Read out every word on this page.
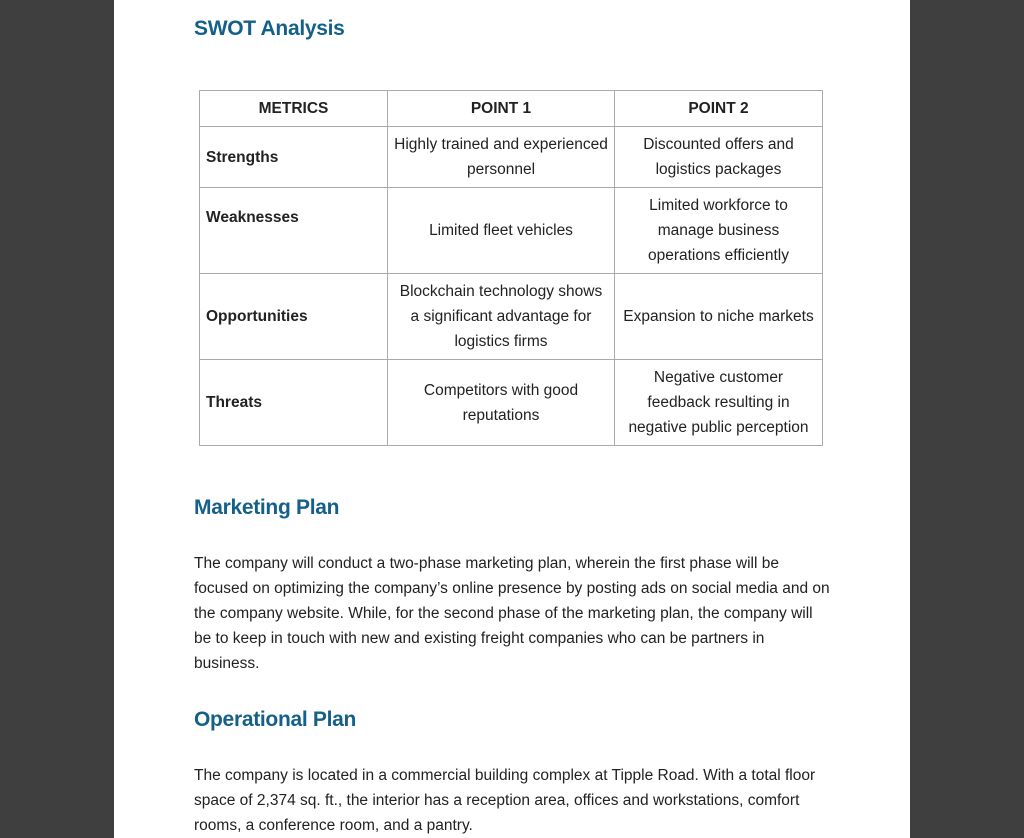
SWOT Analysis
METRICS	POINT 1	POINT 2
Strengths	Highly trained and experienced personnel	Discounted offers and logistics packages
Weaknesses	Limited fleet vehicles	Limited workforce to manage business operations efficiently
Opportunities	Blockchain technology shows a significant advantage for logistics firms	Expansion to niche markets
Threats	Competitors with good reputations	Negative customer feedback resulting in negative public perception
Marketing Plan

The company will conduct a two-phase marketing plan, wherein the first phase will be focused on optimizing the company’s online presence by posting ads on social media and on the company website. While, for the second phase of the marketing plan, the company will be to keep in touch with new and existing freight companies who can be partners in business.

Operational Plan

The company is located in a commercial building complex at Tipple Road. With a total floor space of 2,374 sq. ft., the interior has a reception area, offices and workstations, comfort rooms, a conference room, and a pantry.
